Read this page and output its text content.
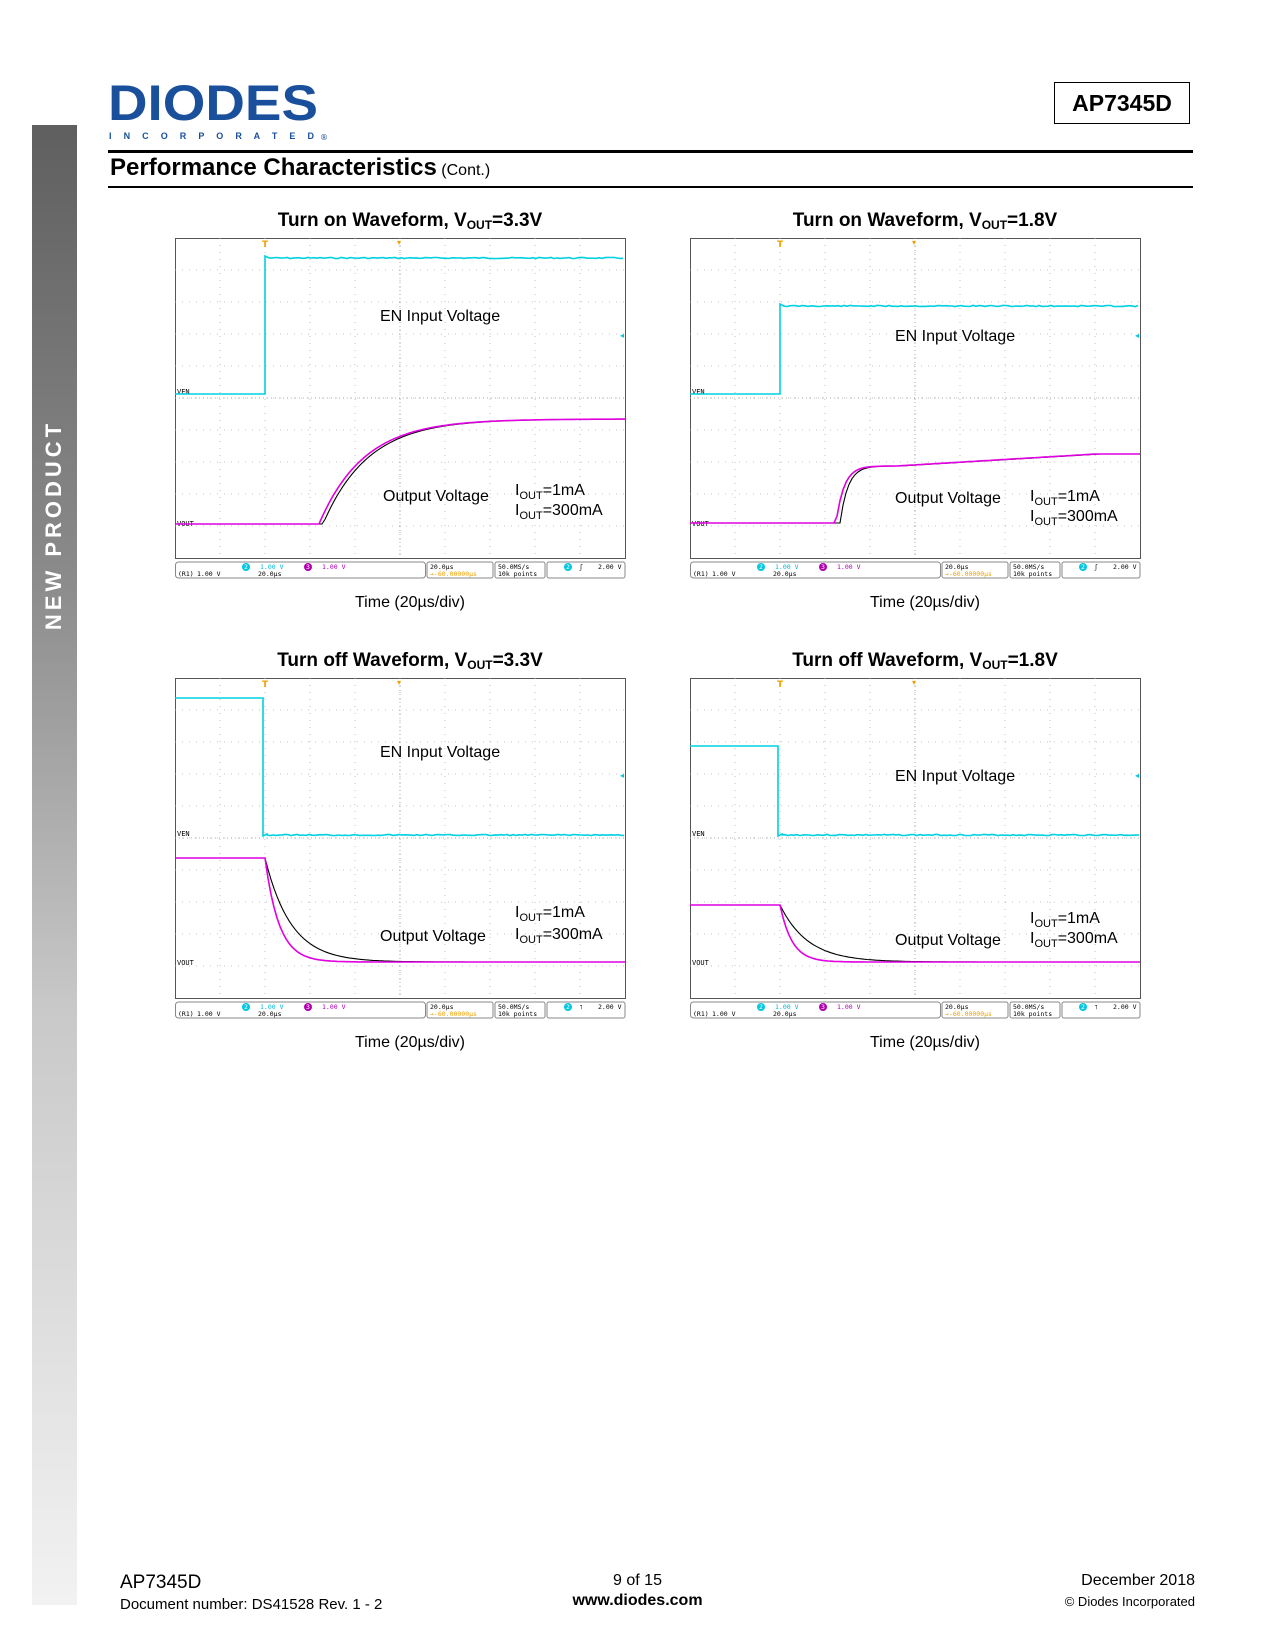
NEW PRODUCT
DIODES
I N C O R P O R A T E D ®
AP7345D
Performance Characteristics (Cont.)
Turn on Waveform, $V_{OUT}=3.3V$
T	▾
◂
VEN
VOUT
2 1.00 V	3 1.00 V
(R1) 1.00 V	20.0µs
20.0µs
→-60.00000µs
50.0MS/s
10k points
2 ʃ 2.00 V
EN Input Voltage
Output Voltage $I_{OUT}=1mA$
$I_{OUT}=300mA$
Time (20µs/div)
Turn on Waveform, $V_{OUT}=1.8V$
T	▾
◂
VEN
VOUT
2 1.00 V	3 1.00 V
(R1) 1.00 V	20.0µs
20.0µs
→-60.00000µs
50.0MS/s
10k points
2 ʃ 2.00 V
EN Input Voltage
Output Voltage $I_{OUT}=1mA$
$I_{OUT}=300mA$
Time (20µs/div)
Turn off Waveform, $V_{OUT}=3.3V$
T	▾
◂
VEN
VOUT
2 1.00 V	3 1.00 V
(R1) 1.00 V	20.0µs
20.0µs
→-60.00000µs
50.0MS/s
10k points
2 ˥ 2.00 V
EN Input Voltage
Output Voltage
$I_{OUT}=1mA$
$I_{OUT}=300mA$
Time (20µs/div)
Turn off Waveform, $V_{OUT}=1.8V$
T	▾
◂
VEN
VOUT
2 1.00 V	3 1.00 V
(R1) 1.00 V	20.0µs
20.0µs
→-60.00000µs
50.0MS/s
10k points
2 ˥ 2.00 V
EN Input Voltage
Output Voltage
$I_{OUT}=1mA$
$I_{OUT}=300mA$
Time (20µs/div)
AP7345D
Document number: DS41528 Rev. 1 - 2
9 of 15
www.diodes.com
December 2018
© Diodes Incorporated
